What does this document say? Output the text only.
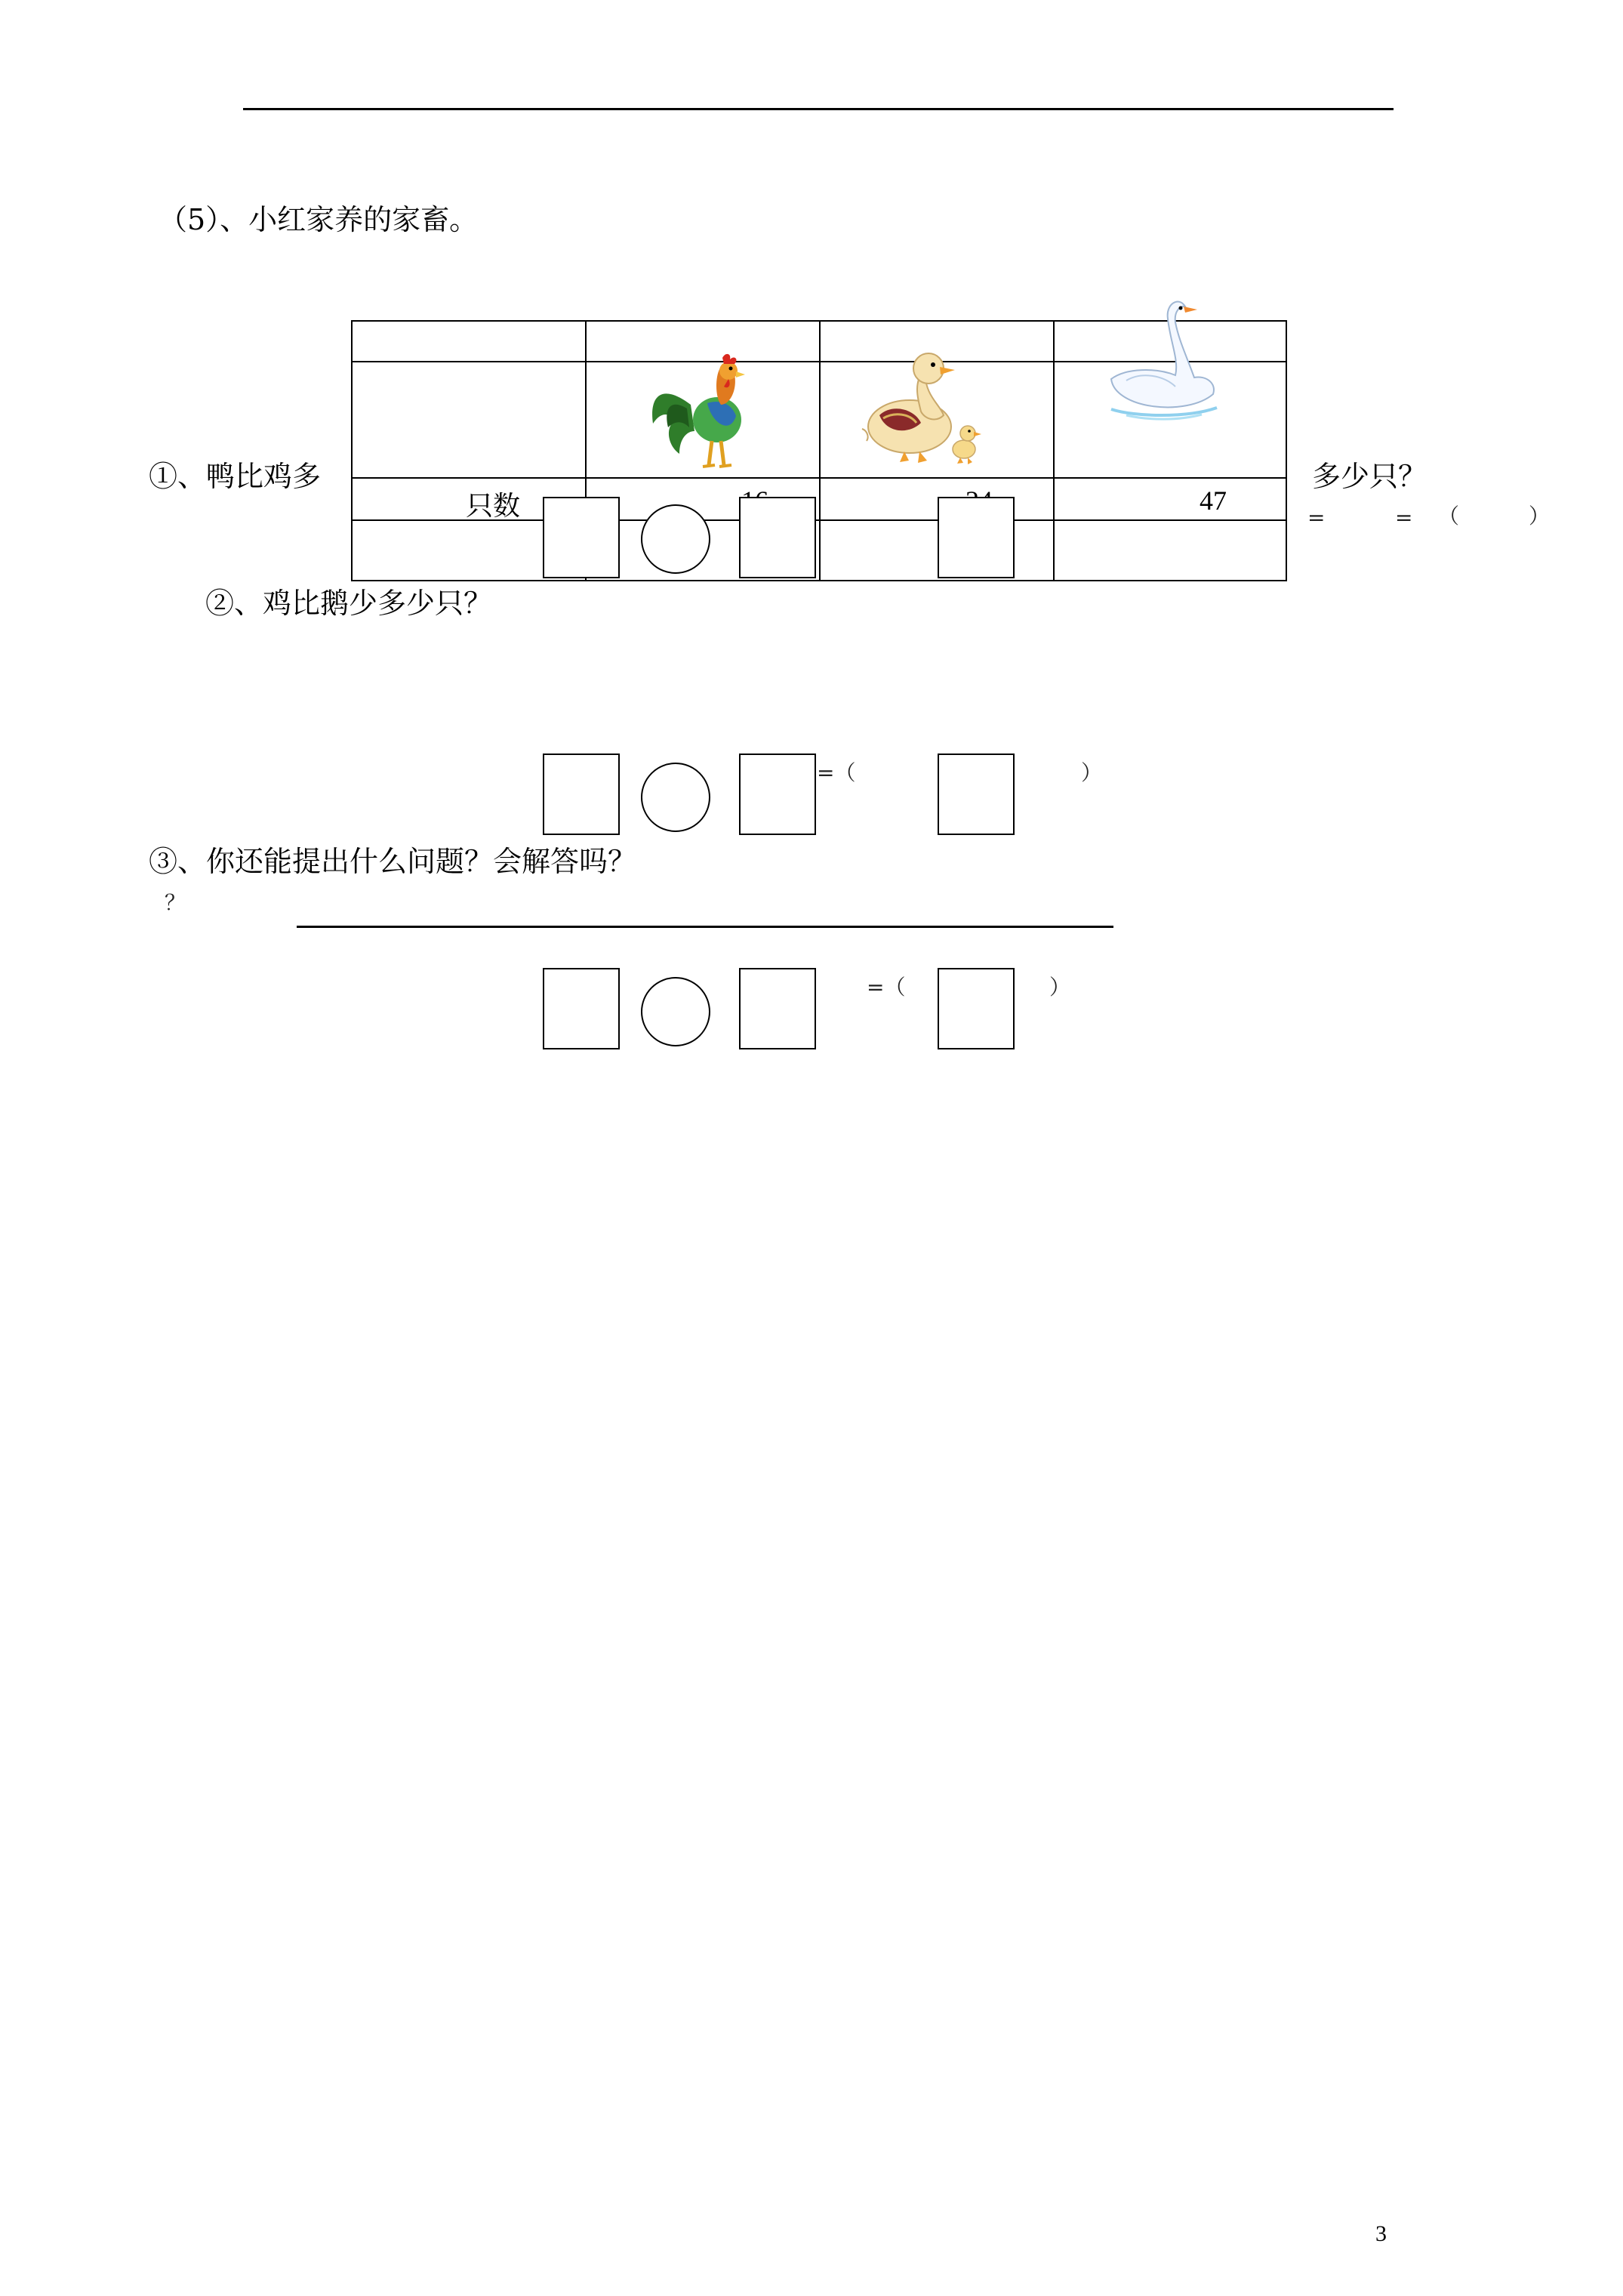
（5）、小红家养的家畜。

只数			47

①、鸭比鸡多	多少只？
=	= （	）
②、鸡比鹅少多少只？
=（	）
③、你还能提出什么问题？会解答吗？
？
=（	）
3
